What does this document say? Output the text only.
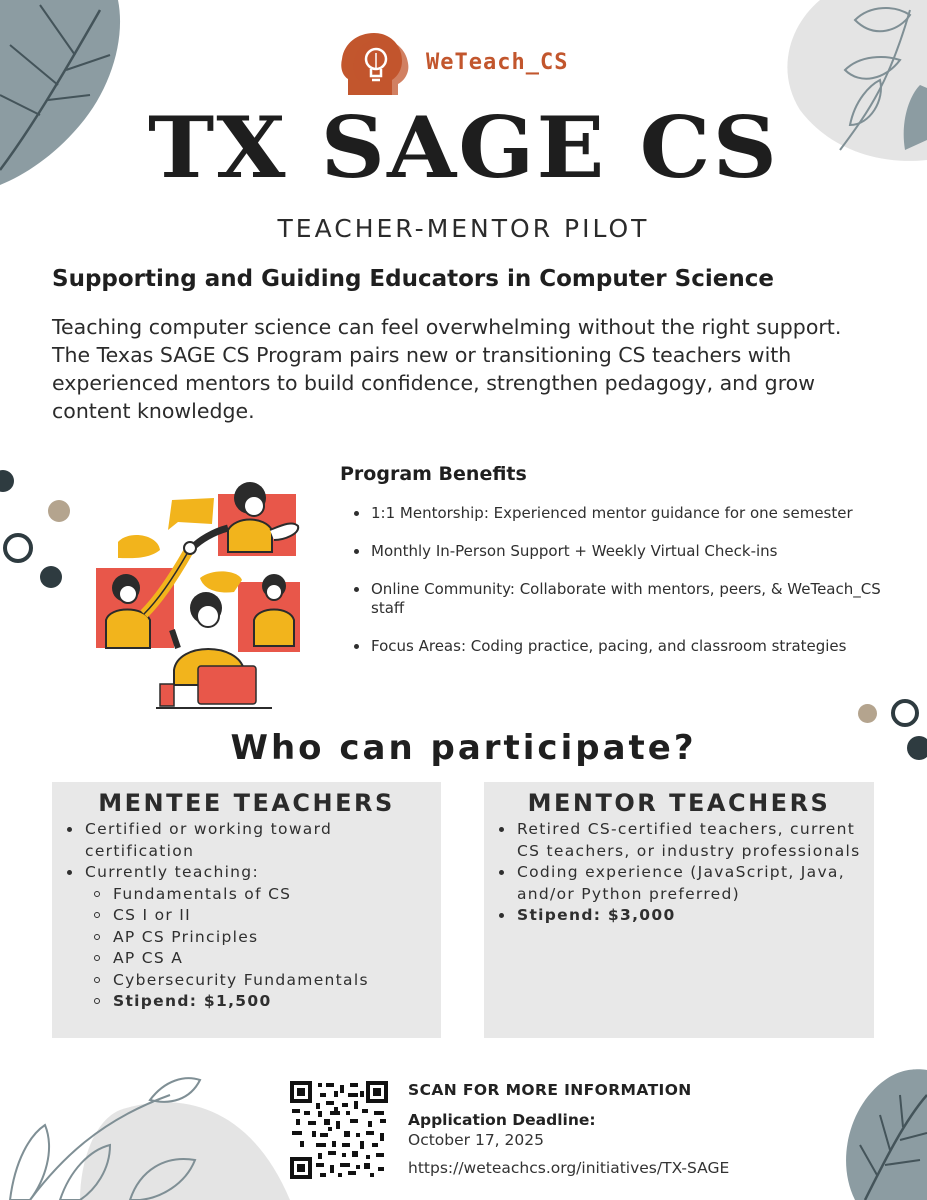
WeTeach_CS
TX SAGE CS
TEACHER-MENTOR PILOT
Supporting and Guiding Educators in Computer Science
Teaching computer science can feel overwhelming without the right support. The Texas SAGE CS Program pairs new or transitioning CS teachers with experienced mentors to build confidence, strengthen pedagogy, and grow content knowledge.
Program Benefits
1:1 Mentorship: Experienced mentor guidance for one semester
Monthly In-Person Support + Weekly Virtual Check-ins
Online Community: Collaborate with mentors, peers, & WeTeach_CS staff
Focus Areas: Coding practice, pacing, and classroom strategies
Who can participate?
MENTEE TEACHERS
Certified or working toward certification
Currently teaching:
Fundamentals of CS
CS I or II
AP CS Principles
AP CS A
Cybersecurity Fundamentals
Stipend: $1,500
MENTOR TEACHERS
Retired CS-certified teachers, current CS teachers, or industry professionals
Coding experience (JavaScript, Java, and/or Python preferred)
Stipend: $3,000
SCAN FOR MORE INFORMATION
Application Deadline:
October 17, 2025
https://weteachcs.org/initiatives/TX-SAGE
